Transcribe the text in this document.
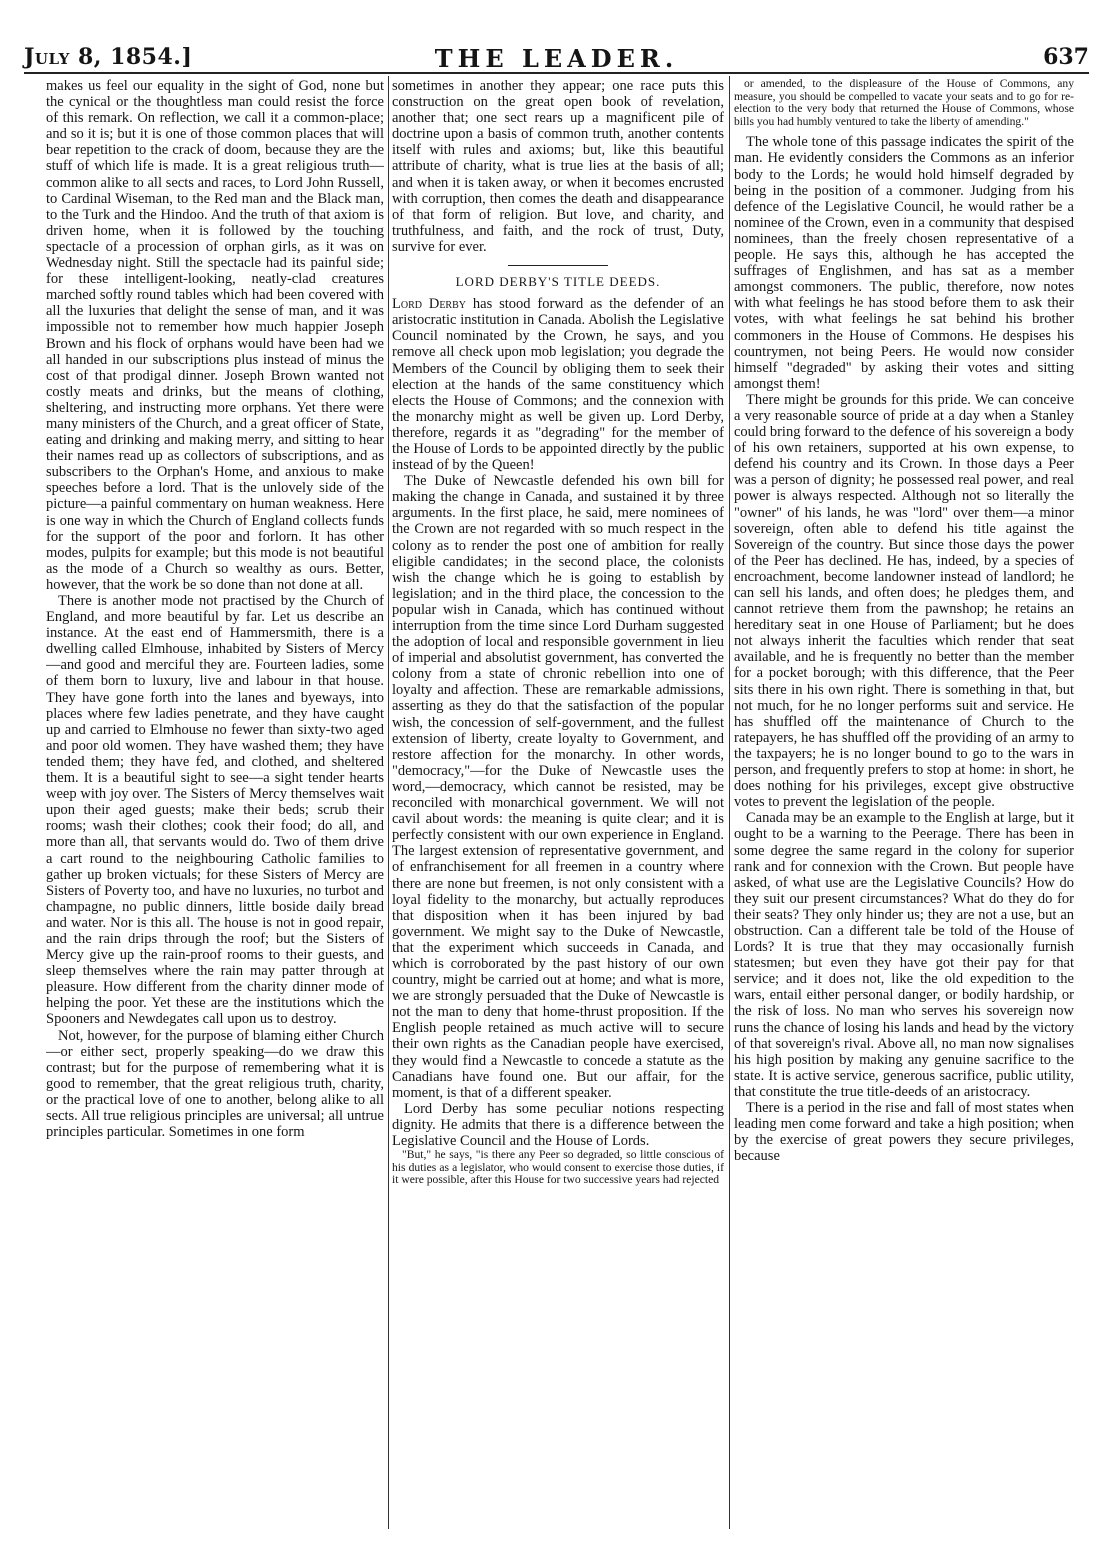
July 8, 1854.]	THE LEADER.	637

makes us feel our equality in the sight of God, none but the cynical or the thoughtless man could resist the force of this remark. On reflection, we call it a common-place; and so it is; but it is one of those common places that will bear repetition to the crack of doom, because they are the stuff of which life is made. It is a great religious truth—common alike to all sects and races, to Lord John Russell, to Cardinal Wiseman, to the Red man and the Black man, to the Turk and the Hindoo. And the truth of that axiom is driven home, when it is followed by the touching spectacle of a procession of orphan girls, as it was on Wednesday night. Still the spectacle had its painful side; for these intelligent-looking, neatly-clad creatures marched softly round tables which had been covered with all the luxuries that delight the sense of man, and it was impossible not to remember how much happier Joseph Brown and his flock of orphans would have been had we all handed in our subscriptions plus instead of minus the cost of that prodigal dinner. Joseph Brown wanted not costly meats and drinks, but the means of clothing, sheltering, and instructing more orphans. Yet there were many ministers of the Church, and a great officer of State, eating and drinking and making merry, and sitting to hear their names read up as collectors of subscriptions, and as subscribers to the Orphan's Home, and anxious to make speeches before a lord. That is the unlovely side of the picture—a painful commentary on human weakness. Here is one way in which the Church of England collects funds for the support of the poor and forlorn. It has other modes, pulpits for example; but this mode is not beautiful as the mode of a Church so wealthy as ours. Better, however, that the work be so done than not done at all.

There is another mode not practised by the Church of England, and more beautiful by far. Let us describe an instance. At the east end of Hammersmith, there is a dwelling called Elmhouse, inhabited by Sisters of Mercy—and good and merciful they are. Fourteen ladies, some of them born to luxury, live and labour in that house. They have gone forth into the lanes and byeways, into places where few ladies penetrate, and they have caught up and carried to Elmhouse no fewer than sixty-two aged and poor old women. They have washed them; they have tended them; they have fed, and clothed, and sheltered them. It is a beautiful sight to see—a sight tender hearts weep with joy over. The Sisters of Mercy themselves wait upon their aged guests; make their beds; scrub their rooms; wash their clothes; cook their food; do all, and more than all, that servants would do. Two of them drive a cart round to the neighbouring Catholic families to gather up broken victuals; for these Sisters of Mercy are Sisters of Poverty too, and have no luxuries, no turbot and champagne, no public dinners, little boside daily bread and water. Nor is this all. The house is not in good repair, and the rain drips through the roof; but the Sisters of Mercy give up the rain-proof rooms to their guests, and sleep themselves where the rain may patter through at pleasure. How different from the charity dinner mode of helping the poor. Yet these are the institutions which the Spooners and Newdegates call upon us to destroy.

Not, however, for the purpose of blaming either Church—or either sect, properly speaking—do we draw this contrast; but for the purpose of remembering what it is good to remember, that the great religious truth, charity, or the practical love of one to another, belong alike to all sects. All true religious principles are universal; all untrue principles particular. Sometimes in one form

sometimes in another they appear; one race puts this construction on the great open book of revelation, another that; one sect rears up a magnificent pile of doctrine upon a basis of common truth, another contents itself with rules and axioms; but, like this beautiful attribute of charity, what is true lies at the basis of all; and when it is taken away, or when it becomes encrusted with corruption, then comes the death and disappearance of that form of religion. But love, and charity, and truthfulness, and faith, and the rock of trust, Duty, survive for ever.

LORD DERBY'S TITLE DEEDS.

Lord Derby has stood forward as the defender of an aristocratic institution in Canada. Abolish the Legislative Council nominated by the Crown, he says, and you remove all check upon mob legislation; you degrade the Members of the Council by obliging them to seek their election at the hands of the same constituency which elects the House of Commons; and the connexion with the monarchy might as well be given up. Lord Derby, therefore, regards it as "degrading" for the member of the House of Lords to be appointed directly by the public instead of by the Queen!

The Duke of Newcastle defended his own bill for making the change in Canada, and sustained it by three arguments. In the first place, he said, mere nominees of the Crown are not regarded with so much respect in the colony as to render the post one of ambition for really eligible candidates; in the second place, the colonists wish the change which he is going to establish by legislation; and in the third place, the concession to the popular wish in Canada, which has continued without interruption from the time since Lord Durham suggested the adoption of local and responsible government in lieu of imperial and absolutist government, has converted the colony from a state of chronic rebellion into one of loyalty and affection. These are remarkable admissions, asserting as they do that the satisfaction of the popular wish, the concession of self-government, and the fullest extension of liberty, create loyalty to Government, and restore affection for the monarchy. In other words, "democracy,"—for the Duke of Newcastle uses the word,—democracy, which cannot be resisted, may be reconciled with monarchical government. We will not cavil about words: the meaning is quite clear; and it is perfectly consistent with our own experience in England. The largest extension of representative government, and of enfranchisement for all freemen in a country where there are none but freemen, is not only consistent with a loyal fidelity to the monarchy, but actually reproduces that disposition when it has been injured by bad government. We might say to the Duke of Newcastle, that the experiment which succeeds in Canada, and which is corroborated by the past history of our own country, might be carried out at home; and what is more, we are strongly persuaded that the Duke of Newcastle is not the man to deny that home-thrust proposition. If the English people retained as much active will to secure their own rights as the Canadian people have exercised, they would find a Newcastle to concede a statute as the Canadians have found one. But our affair, for the moment, is that of a different speaker.

Lord Derby has some peculiar notions respecting dignity. He admits that there is a difference between the Legislative Council and the House of Lords.

"But," he says, "is there any Peer so degraded, so little conscious of his duties as a legislator, who would consent to exercise those duties, if it were possible, after this House for two successive years had rejected

or amended, to the displeasure of the House of Commons, any measure, you should be compelled to vacate your seats and to go for re-election to the very body that returned the House of Commons, whose bills you had humbly ventured to take the liberty of amending."

The whole tone of this passage indicates the spirit of the man. He evidently considers the Commons as an inferior body to the Lords; he would hold himself degraded by being in the position of a commoner. Judging from his defence of the Legislative Council, he would rather be a nominee of the Crown, even in a community that despised nominees, than the freely chosen representative of a people. He says this, although he has accepted the suffrages of Englishmen, and has sat as a member amongst commoners. The public, therefore, now notes with what feelings he has stood before them to ask their votes, with what feelings he sat behind his brother commoners in the House of Commons. He despises his countrymen, not being Peers. He would now consider himself "degraded" by asking their votes and sitting amongst them!

There might be grounds for this pride. We can conceive a very reasonable source of pride at a day when a Stanley could bring forward to the defence of his sovereign a body of his own retainers, supported at his own expense, to defend his country and its Crown. In those days a Peer was a person of dignity; he possessed real power, and real power is always respected. Although not so literally the "owner" of his lands, he was "lord" over them—a minor sovereign, often able to defend his title against the Sovereign of the country. But since those days the power of the Peer has declined. He has, indeed, by a species of encroachment, become landowner instead of landlord; he can sell his lands, and often does; he pledges them, and cannot retrieve them from the pawnshop; he retains an hereditary seat in one House of Parliament; but he does not always inherit the faculties which render that seat available, and he is frequently no better than the member for a pocket borough; with this difference, that the Peer sits there in his own right. There is something in that, but not much, for he no longer performs suit and service. He has shuffled off the maintenance of Church to the ratepayers, he has shuffled off the providing of an army to the taxpayers; he is no longer bound to go to the wars in person, and frequently prefers to stop at home: in short, he does nothing for his privileges, except give obstructive votes to prevent the legislation of the people.

Canada may be an example to the English at large, but it ought to be a warning to the Peerage. There has been in some degree the same regard in the colony for superior rank and for connexion with the Crown. But people have asked, of what use are the Legislative Councils? How do they suit our present circumstances? What do they do for their seats? They only hinder us; they are not a use, but an obstruction. Can a different tale be told of the House of Lords? It is true that they may occasionally furnish statesmen; but even they have got their pay for that service; and it does not, like the old expedition to the wars, entail either personal danger, or bodily hardship, or the risk of loss. No man who serves his sovereign now runs the chance of losing his lands and head by the victory of that sovereign's rival. Above all, no man now signalises his high position by making any genuine sacrifice to the state. It is active service, generous sacrifice, public utility, that constitute the true title-deeds of an aristocracy.

There is a period in the rise and fall of most states when leading men come forward and take a high position; when by the exercise of great powers they secure privileges, because
